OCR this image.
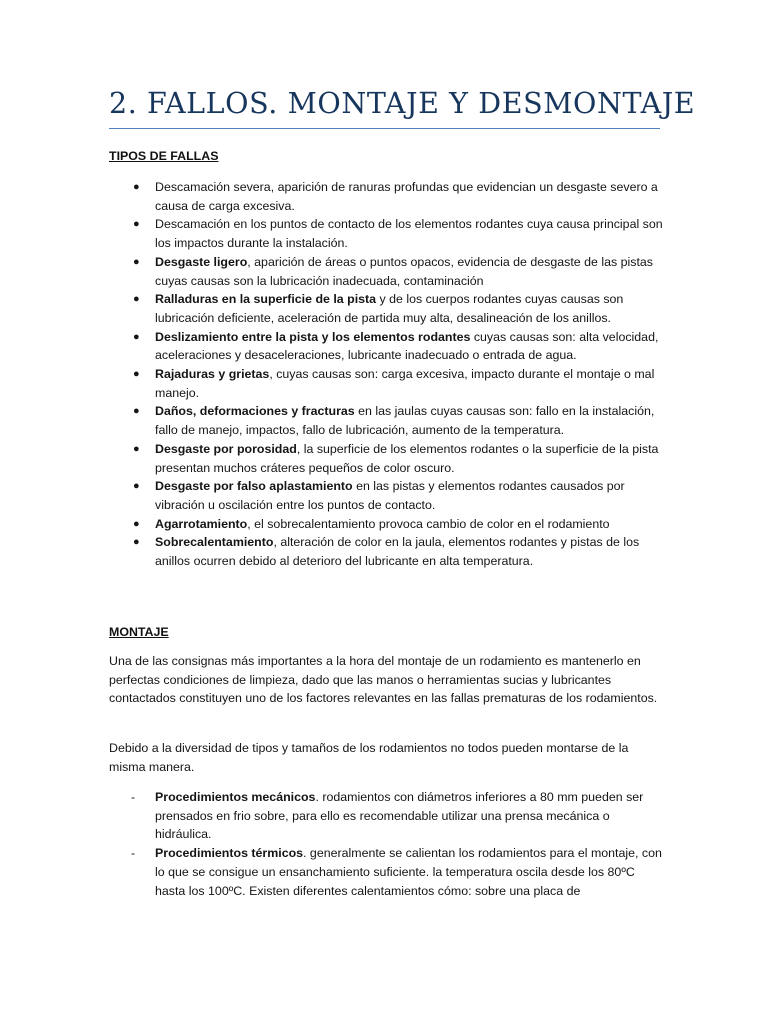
2. FALLOS. MONTAJE Y DESMONTAJE
TIPOS DE FALLAS
● Descamación severa, aparición de ranuras profundas que evidencian un desgaste severo a causa de carga excesiva.
● Descamación en los puntos de contacto de los elementos rodantes cuya causa principal son los impactos durante la instalación.
● Desgaste ligero, aparición de áreas o puntos opacos, evidencia de desgaste de las pistas cuyas causas son la lubricación inadecuada, contaminación
● Ralladuras en la superficie de la pista y de los cuerpos rodantes cuyas causas son lubricación deficiente, aceleración de partida muy alta, desalineación de los anillos.
● Deslizamiento entre la pista y los elementos rodantes cuyas causas son: alta velocidad, aceleraciones y desaceleraciones, lubricante inadecuado o entrada de agua.
● Rajaduras y grietas, cuyas causas son: carga excesiva, impacto durante el montaje o mal manejo.
● Daños, deformaciones y fracturas en las jaulas cuyas causas son: fallo en la instalación, fallo de manejo, impactos, fallo de lubricación, aumento de la temperatura.
● Desgaste por porosidad, la superficie de los elementos rodantes o la superficie de la pista presentan muchos cráteres pequeños de color oscuro.
● Desgaste por falso aplastamiento en las pistas y elementos rodantes causados por vibración u oscilación entre los puntos de contacto.
● Agarrotamiento, el sobrecalentamiento provoca cambio de color en el rodamiento
● Sobrecalentamiento, alteración de color en la jaula, elementos rodantes y pistas de los anillos ocurren debido al deterioro del lubricante en alta temperatura.
MONTAJE

Una de las consignas más importantes a la hora del montaje de un rodamiento es mantenerlo en perfectas condiciones de limpieza, dado que las manos o herramientas sucias y lubricantes contactados constituyen uno de los factores relevantes en las fallas prematuras de los rodamientos.

Debido a la diversidad de tipos y tamaños de los rodamientos no todos pueden montarse de la misma manera.

- Procedimientos mecánicos. rodamientos con diámetros inferiores a 80 mm pueden ser prensados en frio sobre, para ello es recomendable utilizar una prensa mecánica o hidráulica.
- Procedimientos térmicos. generalmente se calientan los rodamientos para el montaje, con lo que se consigue un ensanchamiento suficiente. la temperatura oscila desde los 80ºC hasta los 100ºC. Existen diferentes calentamientos cómo: sobre una placa de
